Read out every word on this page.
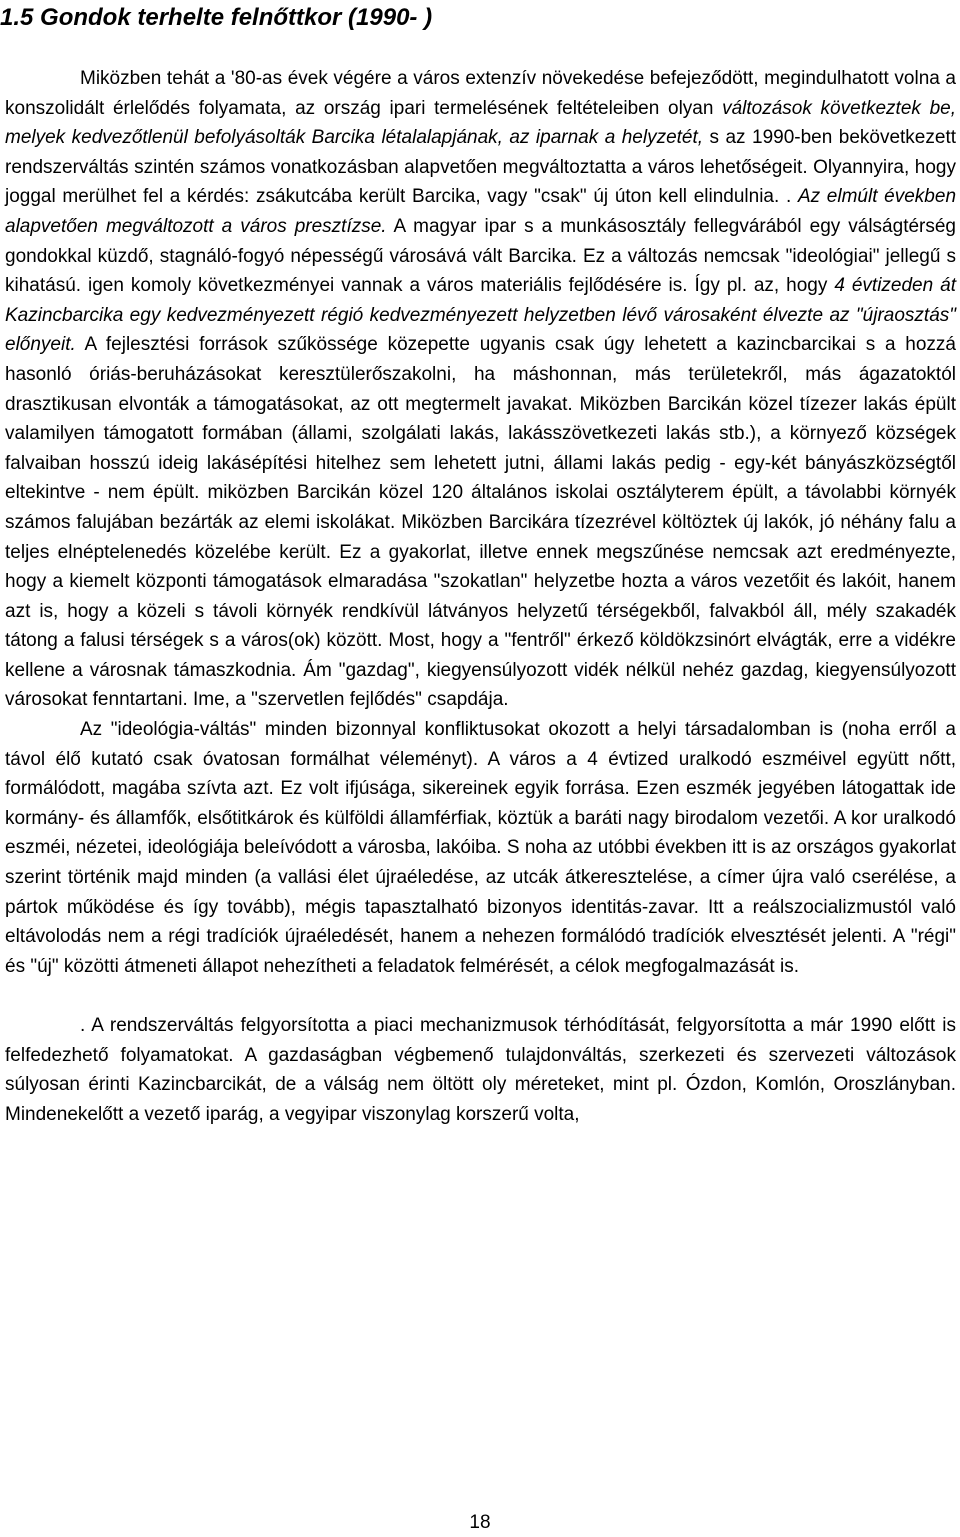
1.5 Gondok terhelte felnőttkor (1990- )

Miközben tehát a '80-as évek végére a város extenzív növekedése befejeződött, megindulhatott volna a konszolidált érlelődés folyamata, az ország ipari termelésének feltételeiben olyan változások következtek be, melyek kedvezőtlenül befolyásolták Barcika létalalapjának, az iparnak a helyzetét, s az 1990-ben bekövetkezett rendszerváltás szintén számos vonatkozásban alapvetően megváltoztatta a város lehetőségeit. Olyannyira, hogy joggal merülhet fel a kérdés: zsákutcába került Barcika, vagy "csak" új úton kell elindulnia. . Az elmúlt években alapvetően megváltozott a város presztízse. A magyar ipar s a munkásosztály fellegvárából egy válságtérség gondokkal küzdő, stagnáló-fogyó népességű városává vált Barcika. Ez a változás nemcsak "ideológiai" jellegű s kihatású. igen komoly következményei vannak a város materiális fejlődésére is. Így pl. az, hogy 4 évtizeden át Kazincbarcika egy kedvezményezett régió kedvezményezett helyzetben lévő városaként élvezte az "újraosztás" előnyeit. A fejlesztési források szűkössége közepette ugyanis csak úgy lehetett a kazincbarcikai s a hozzá hasonló óriás-beruházásokat keresztülerőszakolni, ha máshonnan, más területekről, más ágazatoktól drasztikusan elvonták a támogatásokat, az ott megtermelt javakat. Miközben Barcikán közel tízezer lakás épült valamilyen támogatott formában (állami, szolgálati lakás, lakásszövetkezeti lakás stb.), a környező községek falvaiban hosszú ideig lakásépítési hitelhez sem lehetett jutni, állami lakás pedig - egy-két bányászközségtől eltekintve - nem épült. miközben Barcikán közel 120 általános iskolai osztályterem épült, a távolabbi környék számos falujában bezárták az elemi iskolákat. Miközben Barcikára tízezrével költöztek új lakók, jó néhány falu a teljes elnéptelenedés közelébe került. Ez a gyakorlat, illetve ennek megszűnése nemcsak azt eredményezte, hogy a kiemelt központi támogatások elmaradása "szokatlan" helyzetbe hozta a város vezetőit és lakóit, hanem azt is, hogy a közeli s távoli környék rendkívül látványos helyzetű térségekből, falvakból áll, mély szakadék tátong a falusi térségek s a város(ok) között. Most, hogy a "fentről" érkező köldökzsinórt elvágták, erre a vidékre kellene a városnak támaszkodnia. Ám "gazdag", kiegyensúlyozott vidék nélkül nehéz gazdag, kiegyensúlyozott városokat fenntartani. Ime, a "szervetlen fejlődés" csapdája.

Az "ideológia-váltás" minden bizonnyal konfliktusokat okozott a helyi társadalomban is (noha erről a távol élő kutató csak óvatosan formálhat véleményt). A város a 4 évtized uralkodó eszméivel együtt nőtt, formálódott, magába szívta azt. Ez volt ifjúsága, sikereinek egyik forrása. Ezen eszmék jegyében látogattak ide kormány- és államfők, elsőtitkárok és külföldi államférfiak, köztük a baráti nagy birodalom vezetői. A kor uralkodó eszméi, nézetei, ideológiája beleívódott a városba, lakóiba. S noha az utóbbi években itt is az országos gyakorlat szerint történik majd minden (a vallási élet újraéledése, az utcák átkeresztelése, a címer újra való cserélése, a pártok működése és így tovább), mégis tapasztalható bizonyos identitás-zavar. Itt a reálszocializmustól való eltávolodás nem a régi tradíciók újraéledését, hanem a nehezen formálódó tradíciók elvesztését jelenti. A "régi" és "új" közötti átmeneti állapot nehezítheti a feladatok felmérését, a célok megfogalmazását is.

. A rendszerváltás felgyorsította a piaci mechanizmusok térhódítását, felgyorsította a már 1990 előtt is felfedezhető folyamatokat. A gazdaságban végbemenő tulajdonváltás, szerkezeti és szervezeti változások súlyosan érinti Kazincbarcikát, de a válság nem öltött oly méreteket, mint pl. Ózdon, Komlón, Oroszlányban. Mindenekelőtt a vezető iparág, a vegyipar viszonylag korszerű volta,

18
